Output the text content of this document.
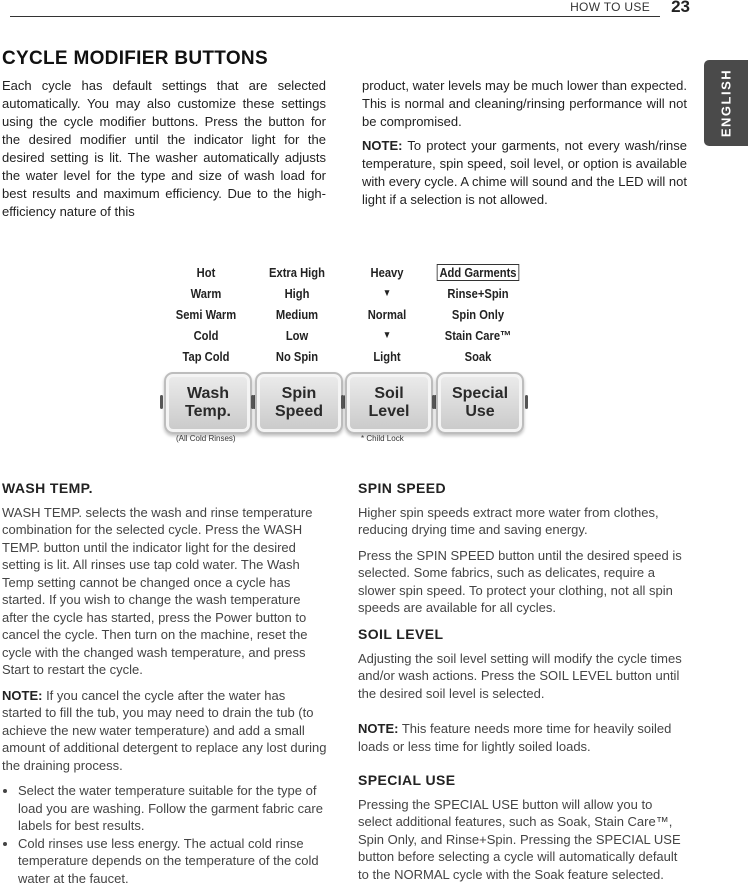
HOW TO USE 23
ENGLISH
CYCLE MODIFIER BUTTONS

Each cycle has default settings that are selected automatically. You may also customize these settings using the cycle modifier buttons. Press the button for the desired modifier until the indicator light for the desired setting is lit. The washer automatically adjusts the water level for the type and size of wash load for best results and maximum efficiency. Due to the high-efficiency nature of this

product, water levels may be much lower than expected. This is normal and cleaning/rinsing performance will not be compromised.

NOTE: To protect your garments, not every wash/rinse temperature, spin speed, soil level, or option is available with every cycle. A chime will sound and the LED will not light if a selection is not allowed.

Hot
Warm
Semi Warm
Cold
Tap Cold
Extra High
High
Medium
Low
No Spin
Heavy
▼
Normal
▼
Light
Add Garments
Rinse+Spin
Spin Only
Stain Care™
Soak
Wash
Temp.
Spin
Speed
Soil
Level
Special
Use
(All Cold Rinses)	* Child Lock
WASH TEMP.

WASH TEMP. selects the wash and rinse temperature combination for the selected cycle. Press the WASH TEMP. button until the indicator light for the desired setting is lit. All rinses use tap cold water. The Wash Temp setting cannot be changed once a cycle has started. If you wish to change the wash temperature after the cycle has started, press the Power button to cancel the cycle. Then turn on the machine, reset the cycle with the changed wash temperature, and press Start to restart the cycle.

NOTE: If you cancel the cycle after the water has started to fill the tub, you may need to drain the tub (to achieve the new water temperature) and add a small amount of additional detergent to replace any lost during the draining process.

• Select the water temperature suitable for the type of load you are washing. Follow the garment fabric care labels for best results.
• Cold rinses use less energy. The actual cold rinse temperature depends on the temperature of the cold water at the faucet.
SPIN SPEED

Higher spin speeds extract more water from clothes, reducing drying time and saving energy.

Press the SPIN SPEED button until the desired speed is selected. Some fabrics, such as delicates, require a slower spin speed. To protect your clothing, not all spin speeds are available for all cycles.

SOIL LEVEL

Adjusting the soil level setting will modify the cycle times and/or wash actions. Press the SOIL LEVEL button until the desired soil level is selected.

NOTE: This feature needs more time for heavily soiled loads or less time for lightly soiled loads.

SPECIAL USE

Pressing the SPECIAL USE button will allow you to select additional features, such as Soak, Stain Care™, Spin Only, and Rinse+Spin. Pressing the SPECIAL USE button before selecting a cycle will automatically default to the NORMAL cycle with the Soak feature selected.
